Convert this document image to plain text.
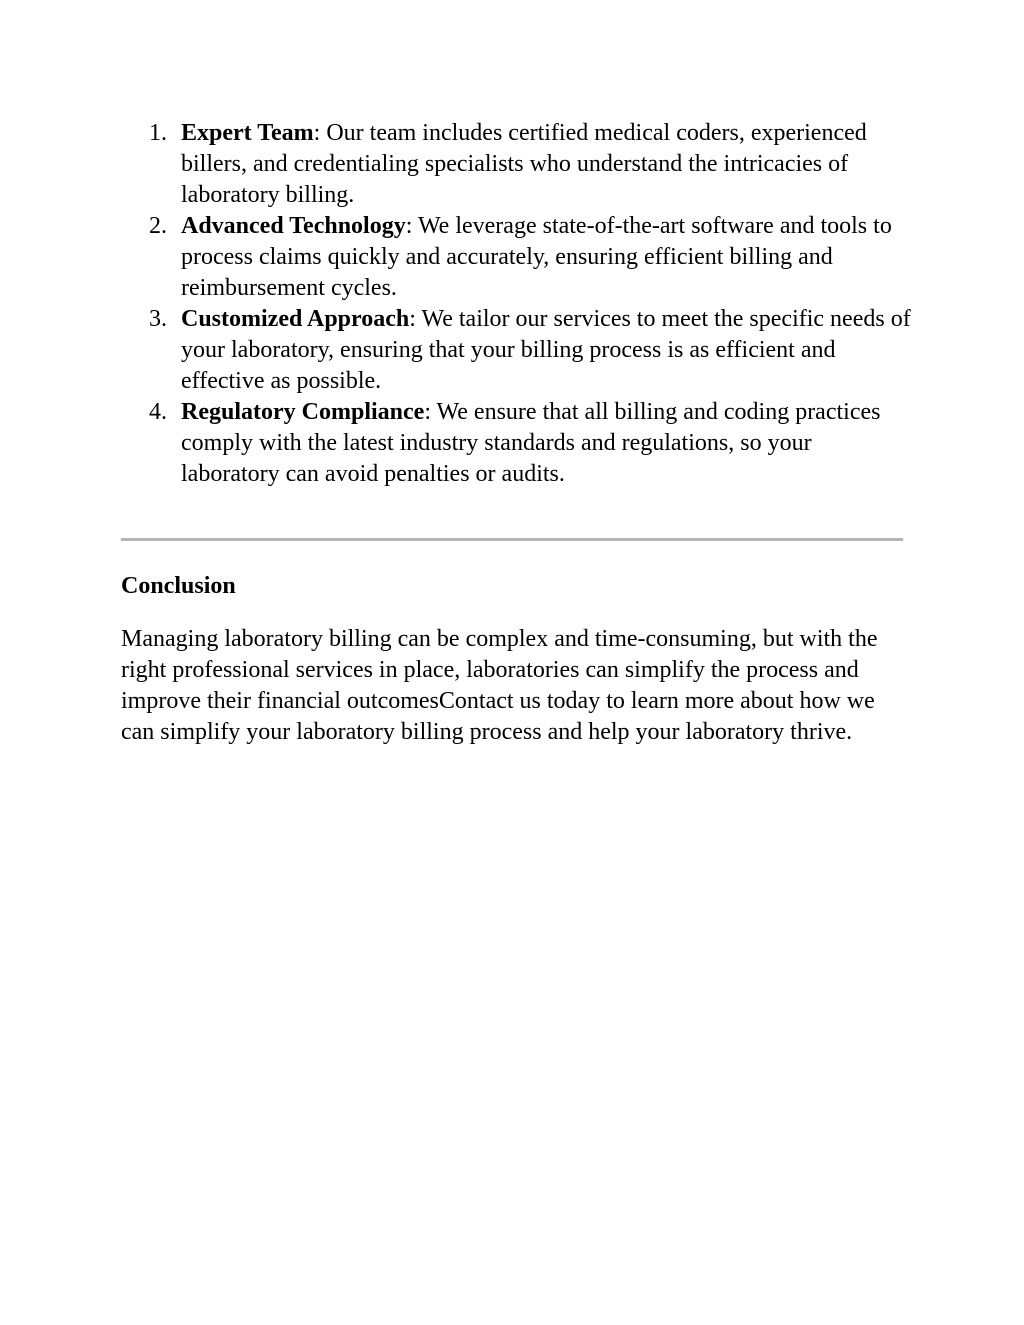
1. Expert Team: Our team includes certified medical coders, experienced billers, and credentialing specialists who understand the intricacies of laboratory billing.
2. Advanced Technology: We leverage state-of-the-art software and tools to process claims quickly and accurately, ensuring efficient billing and reimbursement cycles.
3. Customized Approach: We tailor our services to meet the specific needs of your laboratory, ensuring that your billing process is as efficient and effective as possible.
4. Regulatory Compliance: We ensure that all billing and coding practices comply with the latest industry standards and regulations, so your laboratory can avoid penalties or audits.
Conclusion

Managing laboratory billing can be complex and time-consuming, but with the right professional services in place, laboratories can simplify the process and improve their financial outcomesContact us today to learn more about how we can simplify your laboratory billing process and help your laboratory thrive.
